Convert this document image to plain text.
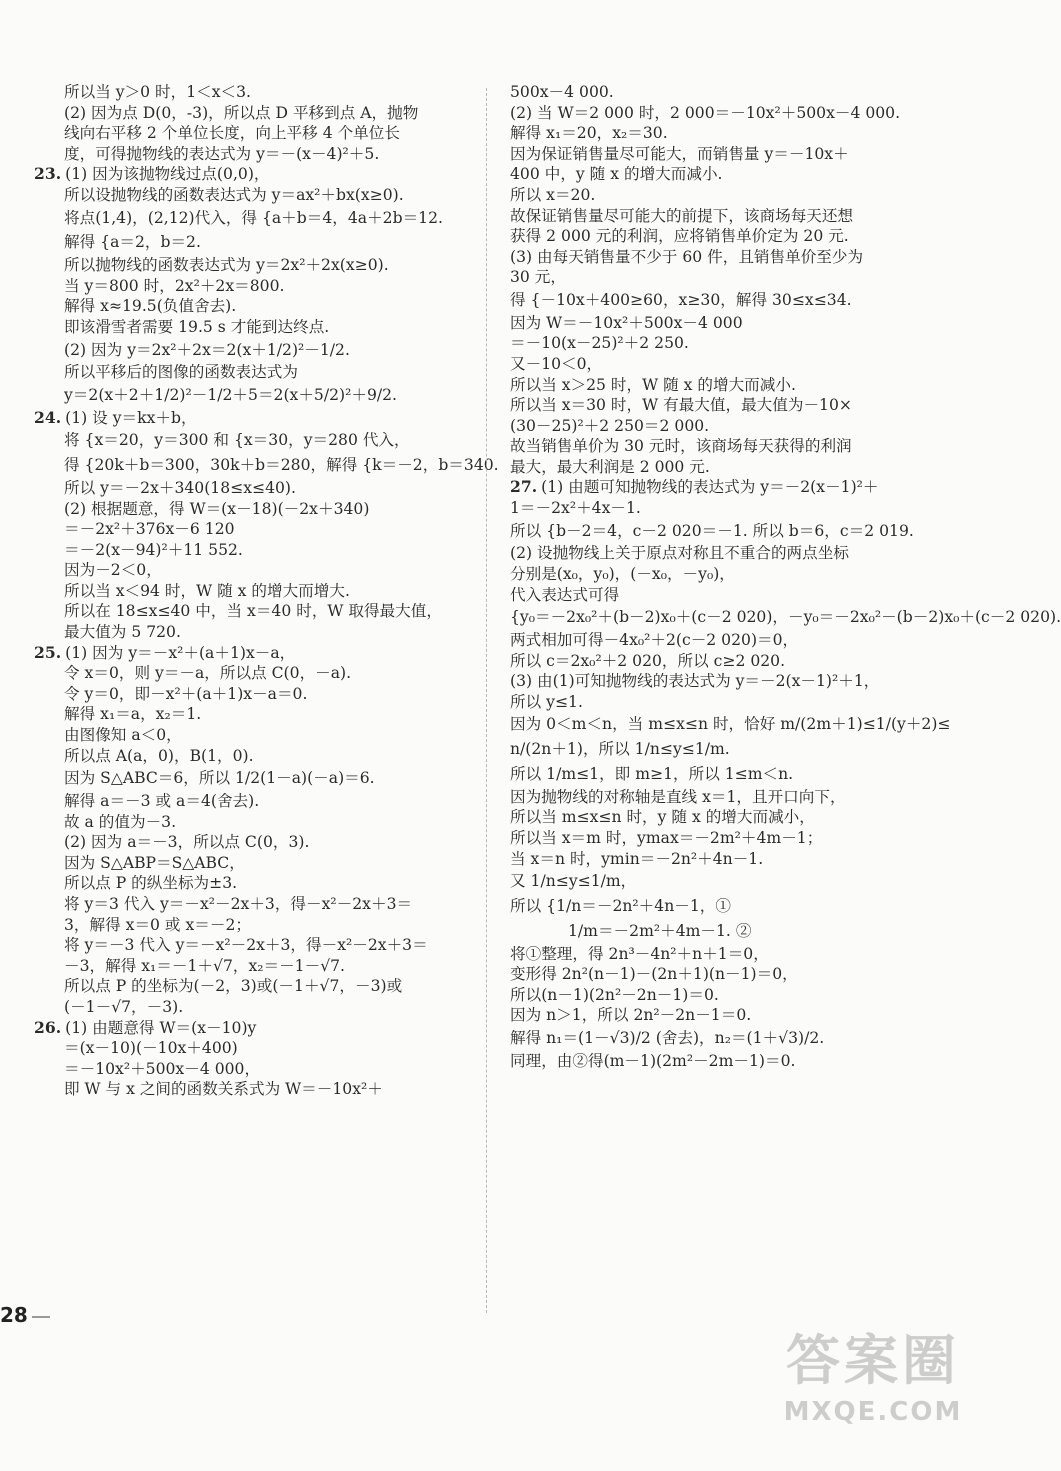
所以当 y＞0 时，1＜x＜3.

(2) 因为点 D(0，-3)，所以点 D 平移到点 A，抛物

线向右平移 2 个单位长度，向上平移 4 个单位长

度，可得抛物线的表达式为 y＝－(x－4)²＋5.

23. (1) 因为该抛物线过点(0,0)，

所以设抛物线的函数表达式为 y＝ax²＋bx(x≥0).

将点(1,4)，(2,12)代入，得 {a＋b＝4，4a＋2b＝12.

解得 {a＝2，b＝2.

所以抛物线的函数表达式为 y＝2x²＋2x(x≥0).

当 y＝800 时，2x²＋2x＝800.

解得 x≈19.5(负值舍去).

即该滑雪者需要 19.5 s 才能到达终点.

(2) 因为 y＝2x²＋2x＝2(x＋1/2)²－1/2.

所以平移后的图像的函数表达式为

y＝2(x＋2＋1/2)²－1/2＋5＝2(x＋5/2)²＋9/2.

24. (1) 设 y＝kx＋b，

将 {x＝20，y＝300 和 {x＝30，y＝280 代入，

得 {20k＋b＝300，30k＋b＝280，解得 {k＝－2，b＝340.

所以 y＝－2x＋340(18≤x≤40).

(2) 根据题意，得 W＝(x－18)(－2x＋340)

＝－2x²＋376x－6 120

＝－2(x－94)²＋11 552.

因为－2＜0，

所以当 x＜94 时，W 随 x 的增大而增大.

所以在 18≤x≤40 中，当 x＝40 时，W 取得最大值，

最大值为 5 720.

25. (1) 因为 y＝－x²＋(a＋1)x－a，

令 x＝0，则 y＝－a，所以点 C(0，－a).

令 y＝0，即－x²＋(a＋1)x－a＝0.

解得 x₁＝a，x₂＝1.

由图像知 a＜0，

所以点 A(a，0)，B(1，0).

因为 S△ABC＝6，所以 1/2(1－a)(－a)＝6.

解得 a＝－3 或 a＝4(舍去).

故 a 的值为－3.

(2) 因为 a＝－3，所以点 C(0，3).

因为 S△ABP＝S△ABC，

所以点 P 的纵坐标为±3.

将 y＝3 代入 y＝－x²－2x＋3，得－x²－2x＋3＝

3，解得 x＝0 或 x＝－2；

将 y＝－3 代入 y＝－x²－2x＋3，得－x²－2x＋3＝

－3，解得 x₁＝－1＋√7，x₂＝－1－√7.

所以点 P 的坐标为(－2，3)或(－1＋√7，－3)或

(－1－√7，－3).

26. (1) 由题意得 W＝(x－10)y

＝(x－10)(－10x＋400)

＝－10x²＋500x－4 000，

即 W 与 x 之间的函数关系式为 W＝－10x²＋

500x－4 000.

(2) 当 W＝2 000 时，2 000＝－10x²＋500x－4 000.

解得 x₁＝20，x₂＝30.

因为保证销售量尽可能大，而销售量 y＝－10x＋

400 中，y 随 x 的增大而减小.

所以 x＝20.

故保证销售量尽可能大的前提下，该商场每天还想

获得 2 000 元的利润，应将销售单价定为 20 元.

(3) 由每天销售量不少于 60 件，且销售单价至少为

30 元，

得 {－10x＋400≥60，x≥30，解得 30≤x≤34.

因为 W＝－10x²＋500x－4 000

＝－10(x－25)²＋2 250.

又－10＜0，

所以当 x＞25 时，W 随 x 的增大而减小.

所以当 x＝30 时，W 有最大值，最大值为－10×

(30－25)²＋2 250＝2 000.

故当销售单价为 30 元时，该商场每天获得的利润

最大，最大利润是 2 000 元.

27. (1) 由题可知抛物线的表达式为 y＝－2(x－1)²＋

1＝－2x²＋4x－1.

所以 {b－2＝4，c－2 020＝－1. 所以 b＝6，c＝2 019.

(2) 设抛物线上关于原点对称且不重合的两点坐标

分别是(x₀，y₀)，(－x₀，－y₀)，

代入表达式可得

{y₀＝－2x₀²＋(b－2)x₀＋(c－2 020)，－y₀＝－2x₀²－(b－2)x₀＋(c－2 020).

两式相加可得－4x₀²＋2(c－2 020)＝0，

所以 c＝2x₀²＋2 020，所以 c≥2 020.

(3) 由(1)可知抛物线的表达式为 y＝－2(x－1)²＋1，

所以 y≤1.

因为 0＜m＜n，当 m≤x≤n 时，恰好 m/(2m＋1)≤1/(y＋2)≤

n/(2n＋1)，所以 1/n≤y≤1/m.

所以 1/m≤1，即 m≥1，所以 1≤m＜n.

因为抛物线的对称轴是直线 x＝1，且开口向下，

所以当 m≤x≤n 时，y 随 x 的增大而减小，

所以当 x＝m 时，ymax＝－2m²＋4m－1；

当 x＝n 时，ymin＝－2n²＋4n－1.

又 1/n≤y≤1/m，

所以 {1/n＝－2n²＋4n－1，①

1/m＝－2m²＋4m－1. ②

将①整理，得 2n³－4n²＋n＋1＝0，

变形得 2n²(n－1)－(2n＋1)(n－1)＝0，

所以(n－1)(2n²－2n－1)＝0.

因为 n＞1，所以 2n²－2n－1＝0.

解得 n₁＝(1－√3)/2 (舍去)，n₂＝(1＋√3)/2.

同理，由②得(m－1)(2m²－2m－1)＝0.

28
答案圈
MXQE.COM
